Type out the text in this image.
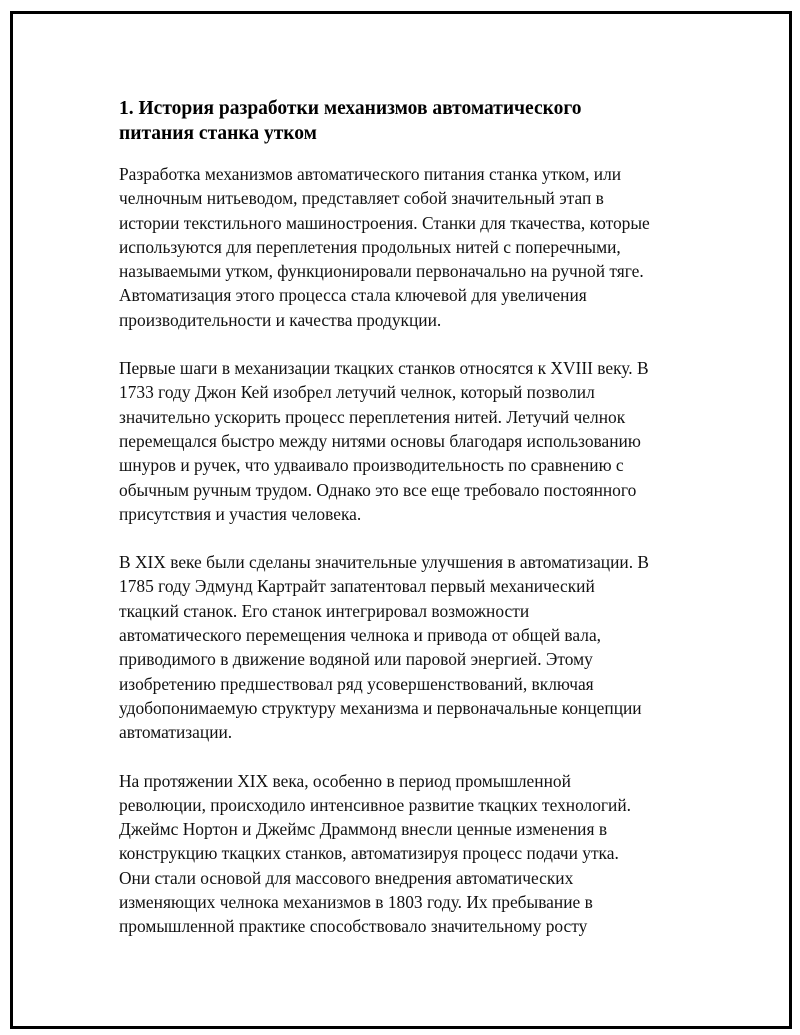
1. История разработки механизмов автоматического
питания станка утком

Разработка механизмов автоматического питания станка утком, или
челночным нитьеводом, представляет собой значительный этап в
истории текстильного машиностроения. Станки для ткачества, которые
используются для переплетения продольных нитей с поперечными,
называемыми утком, функционировали первоначально на ручной тяге.
Автоматизация этого процесса стала ключевой для увеличения
производительности и качества продукции.

Первые шаги в механизации ткацких станков относятся к XVIII веку. В
1733 году Джон Кей изобрел летучий челнок, который позволил
значительно ускорить процесс переплетения нитей. Летучий челнок
перемещался быстро между нитями основы благодаря использованию
шнуров и ручек, что удваивало производительность по сравнению с
обычным ручным трудом. Однако это все еще требовало постоянного
присутствия и участия человека.

В XIX веке были сделаны значительные улучшения в автоматизации. В
1785 году Эдмунд Картрайт запатентовал первый механический
ткацкий станок. Его станок интегрировал возможности
автоматического перемещения челнока и привода от общей вала,
приводимого в движение водяной или паровой энергией. Этому
изобретению предшествовал ряд усовершенствований, включая
удобопонимаемую структуру механизма и первоначальные концепции
автоматизации.

На протяжении XIX века, особенно в период промышленной
революции, происходило интенсивное развитие ткацких технологий.
Джеймс Нортон и Джеймс Драммонд внесли ценные изменения в
конструкцию ткацких станков, автоматизируя процесс подачи утка.
Они стали основой для массового внедрения автоматических
изменяющих челнока механизмов в 1803 году. Их пребывание в
промышленной практике способствовало значительному росту
